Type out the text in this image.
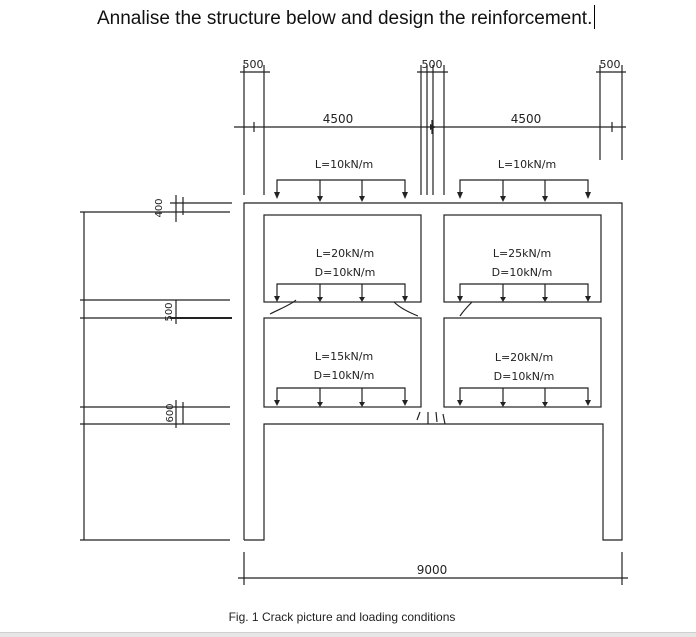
Annalise the structure below and design the reinforcement.
500	500	500
4500	4500
9000
400
500
600
L=10kN/m	L=10kN/m
L=20kN/m
D=10kN/m
L=25kN/m
D=10kN/m
L=15kN/m
D=10kN/m
L=20kN/m
D=10kN/m
Fig. 1 Crack picture and loading conditions
